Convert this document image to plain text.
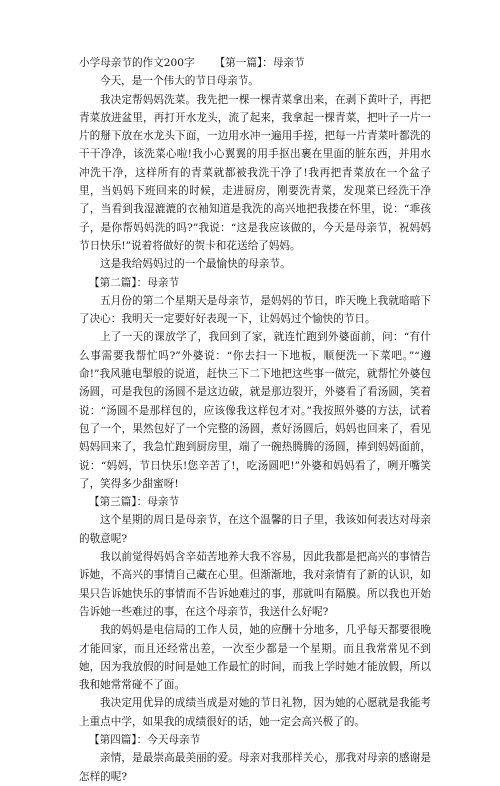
小学母亲节的作文200字 【第一篇】：母亲节

今天，是一个伟大的节日母亲节。

我决定帮妈妈洗菜。我先把一棵一棵青菜拿出来，在剥下黄叶子，再把青菜放进盆里，再打开水龙头，流了起来，我拿起一棵青菜，把叶子一片一片的掰下放在水龙头下面，一边用水冲一遍用手搓，把每一片青菜叶都洗的干干净净，该洗菜心啦!我小心翼翼的用手抠出裹在里面的脏东西，并用水冲洗干净，这样所有的青菜就都被我洗干净了!我再把青菜放在一个盆子里，当妈妈下班回来的时候，走进厨房，刚要洗青菜，发现菜已经洗干净了，当看到我湿漉漉的衣袖知道是我洗的高兴地把我搂在怀里，说：“乖孩子，是你帮妈妈洗的吗?”我说：“这是我应该做的，今天是母亲节，祝妈妈节日快乐!”说着将做好的贺卡和花送给了妈妈。

这是我给妈妈过的一个最愉快的母亲节。

【第二篇】：母亲节

五月份的第二个星期天是母亲节，是妈妈的节日，昨天晚上我就暗暗下了决心：我明天一定要好好表现一下，让妈妈过个愉快的节日。

上了一天的课放学了，我回到了家，就连忙跑到外婆面前，问：“有什么事需要我帮忙吗?”外婆说：“你去扫一下地板，顺便洗一下菜吧。”“遵命!”我风驰电掣般的说道，赶快三下二下地把这些事一做完，就帮忙外婆包汤圆，可是我包的汤圆不是这边破，就是那边裂开，外婆看了看汤圆，笑着说：“汤圆不是那样包的，应该像我这样包才对。”我按照外婆的方法，试着包了一个，果然包好了一个完整的汤圆，煮好汤圆后，妈妈也回来了，看见妈妈回来了，我急忙跑到厨房里，端了一碗热腾腾的汤圆，捧到妈妈面前，说：“妈妈，节日快乐!您辛苦了!，吃汤圆吧!”外婆和妈妈看了，咧开嘴笑了，笑得多少甜蜜呀!

【第三篇】：母亲节

这个星期的周日是母亲节，在这个温馨的日子里，我该如何表达对母亲的敬意呢?

我以前觉得妈妈含辛茹苦地养大我不容易，因此我都是把高兴的事情告诉她，不高兴的事情自己藏在心里。但渐渐地，我对亲情有了新的认识，如果只告诉她快乐的事情而不告诉她难过的事，那就叫有隔膜。所以我也开始告诉她一些难过的事，在这个母亲节，我送什么好呢?

我的妈妈是电信局的工作人员，她的应酬十分地多，几乎每天都要很晚才能回家，而且还经常出差，一次至少都是一个星期。而且我常常见不到她，因为我放假的时间是她工作最忙的时间，而我上学时她才能放假，所以我和她常常碰不了面。

我决定用优异的成绩当成是对她的节日礼物，因为她的心愿就是我能考上重点中学，如果我的成绩很好的话，她一定会高兴极了的。

【第四篇】：今天母亲节

亲情，是最崇高最美丽的爱。母亲对我那样关心，那我对母亲的感谢是怎样的呢?
